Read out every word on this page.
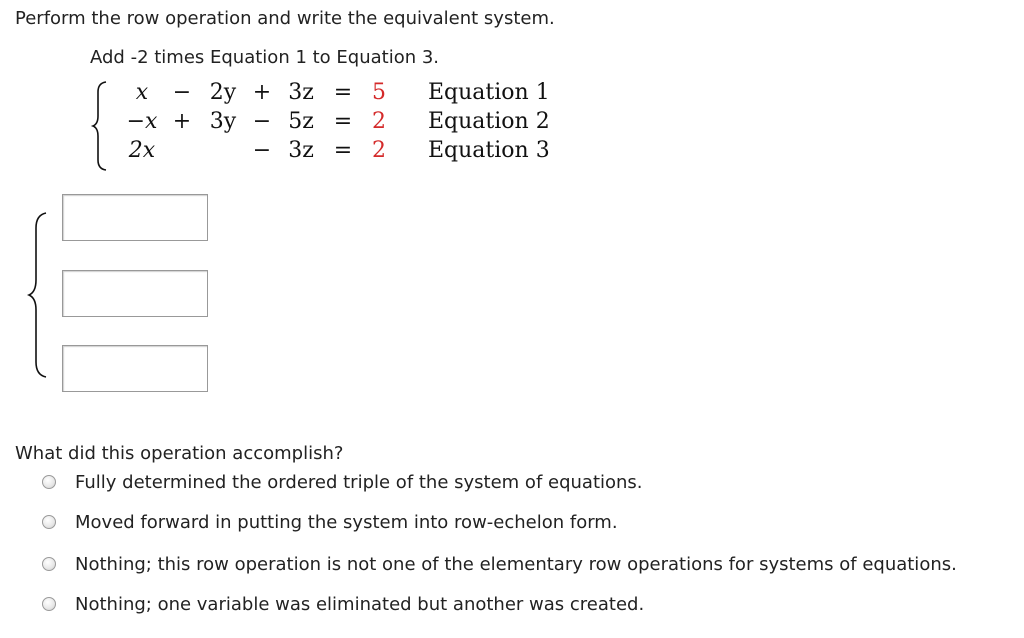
Perform the row operation and write the equivalent system.
Add -2 times Equation 1 to Equation 3.
x	− 2y + 3z = 5 Equation 1
−x + 3y − 5z = 2 Equation 2
2x	− 3z = 2 Equation 3
What did this operation accomplish?
Fully determined the ordered triple of the system of equations.
Moved forward in putting the system into row-echelon form.
Nothing; this row operation is not one of the elementary row operations for systems of equations.
Nothing; one variable was eliminated but another was created.
